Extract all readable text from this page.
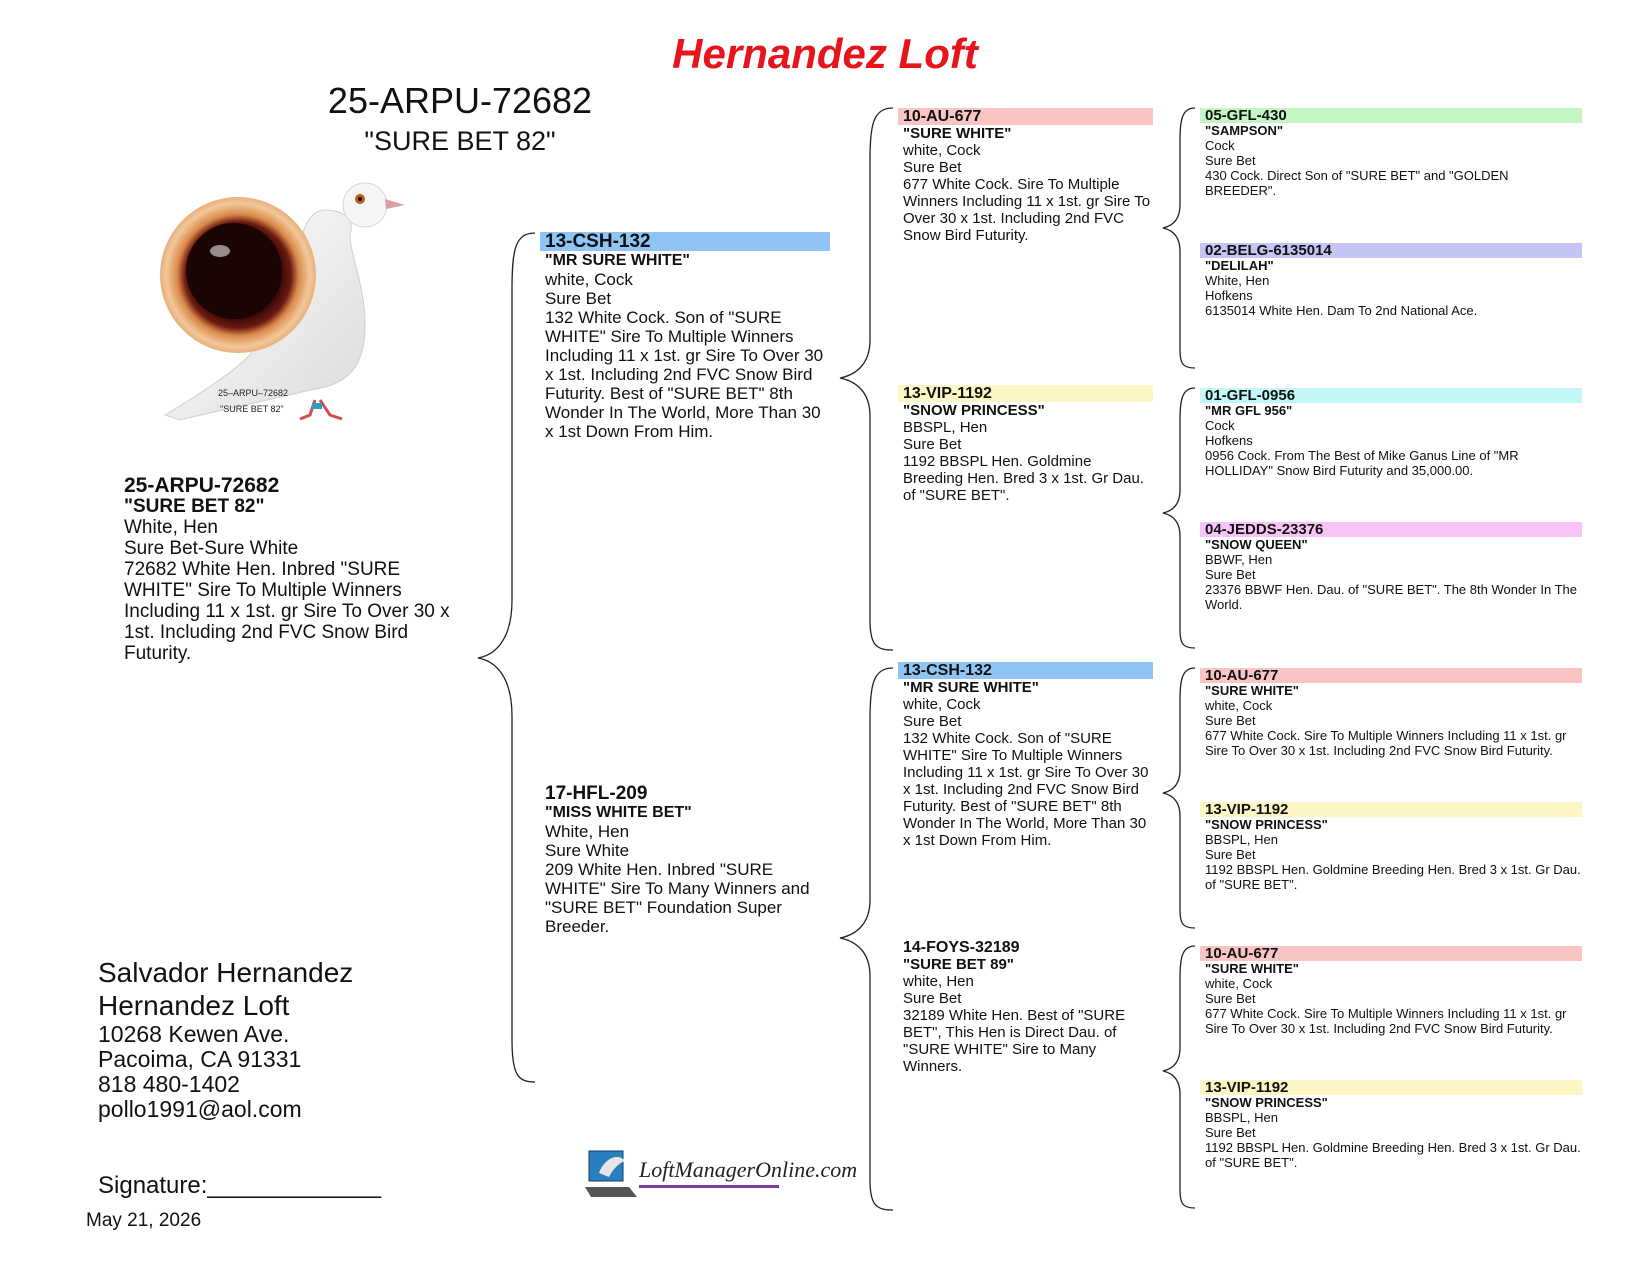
Hernandez Loft
25-ARPU-72682
"SURE BET 82"
25–ARPU–72682
"SURE BET 82"
25-ARPU-72682
"SURE BET 82"
White, Hen
Sure Bet-Sure White
72682 White Hen. Inbred "SURE WHITE" Sire To Multiple Winners Including 11 x 1st. gr Sire To Over 30 x 1st. Including 2nd FVC Snow Bird Futurity.
13-CSH-132
"MR SURE WHITE"
white, Cock
Sure Bet
132 White Cock. Son of "SURE WHITE" Sire To Multiple Winners Including 11 x 1st. gr Sire To Over 30 x 1st. Including 2nd FVC Snow Bird Futurity. Best of "SURE BET" 8th Wonder In The World, More Than 30 x 1st Down From Him.
17-HFL-209
"MISS WHITE BET"
White, Hen
Sure White
209 White Hen. Inbred "SURE WHITE" Sire To Many Winners and "SURE BET" Foundation Super Breeder.
10-AU-677
"SURE WHITE"
white, Cock
Sure Bet
677 White Cock. Sire To Multiple Winners Including 11 x 1st. gr Sire To Over 30 x 1st. Including 2nd FVC Snow Bird Futurity.
13-VIP-1192
"SNOW PRINCESS"
BBSPL, Hen
Sure Bet
1192 BBSPL Hen. Goldmine Breeding Hen. Bred 3 x 1st. Gr Dau. of "SURE BET".
13-CSH-132
"MR SURE WHITE"
white, Cock
Sure Bet
132 White Cock. Son of "SURE WHITE" Sire To Multiple Winners Including 11 x 1st. gr Sire To Over 30 x 1st. Including 2nd FVC Snow Bird Futurity. Best of "SURE BET" 8th Wonder In The World, More Than 30 x 1st Down From Him.
14-FOYS-32189
"SURE BET 89"
white, Hen
Sure Bet
32189 White Hen. Best of "SURE BET", This Hen is Direct Dau. of "SURE WHITE" Sire to Many Winners.
05-GFL-430
"SAMPSON"
Cock
Sure Bet
430 Cock. Direct Son of "SURE BET" and "GOLDEN BREEDER".
02-BELG-6135014
"DELILAH"
White, Hen
Hofkens
6135014 White Hen. Dam To 2nd National Ace.
01-GFL-0956
"MR GFL 956"
Cock
Hofkens
0956 Cock. From The Best of Mike Ganus Line of "MR HOLLIDAY" Snow Bird Futurity and 35,000.00.
04-JEDDS-23376
"SNOW QUEEN"
BBWF, Hen
Sure Bet
23376 BBWF Hen. Dau. of "SURE BET". The 8th Wonder In The World.
10-AU-677
"SURE WHITE"
white, Cock
Sure Bet
677 White Cock. Sire To Multiple Winners Including 11 x 1st. gr Sire To Over 30 x 1st. Including 2nd FVC Snow Bird Futurity.
13-VIP-1192
"SNOW PRINCESS"
BBSPL, Hen
Sure Bet
1192 BBSPL Hen. Goldmine Breeding Hen. Bred 3 x 1st. Gr Dau. of "SURE BET".
10-AU-677
"SURE WHITE"
white, Cock
Sure Bet
677 White Cock. Sire To Multiple Winners Including 11 x 1st. gr Sire To Over 30 x 1st. Including 2nd FVC Snow Bird Futurity.
13-VIP-1192
"SNOW PRINCESS"
BBSPL, Hen
Sure Bet
1192 BBSPL Hen. Goldmine Breeding Hen. Bred 3 x 1st. Gr Dau. of "SURE BET".
Salvador Hernandez
Hernandez Loft
10268 Kewen Ave.
Pacoima, CA 91331
818 480-1402
pollo1991@aol.com
Signature:_____________
May 21, 2026
LoftManagerOnline.com
